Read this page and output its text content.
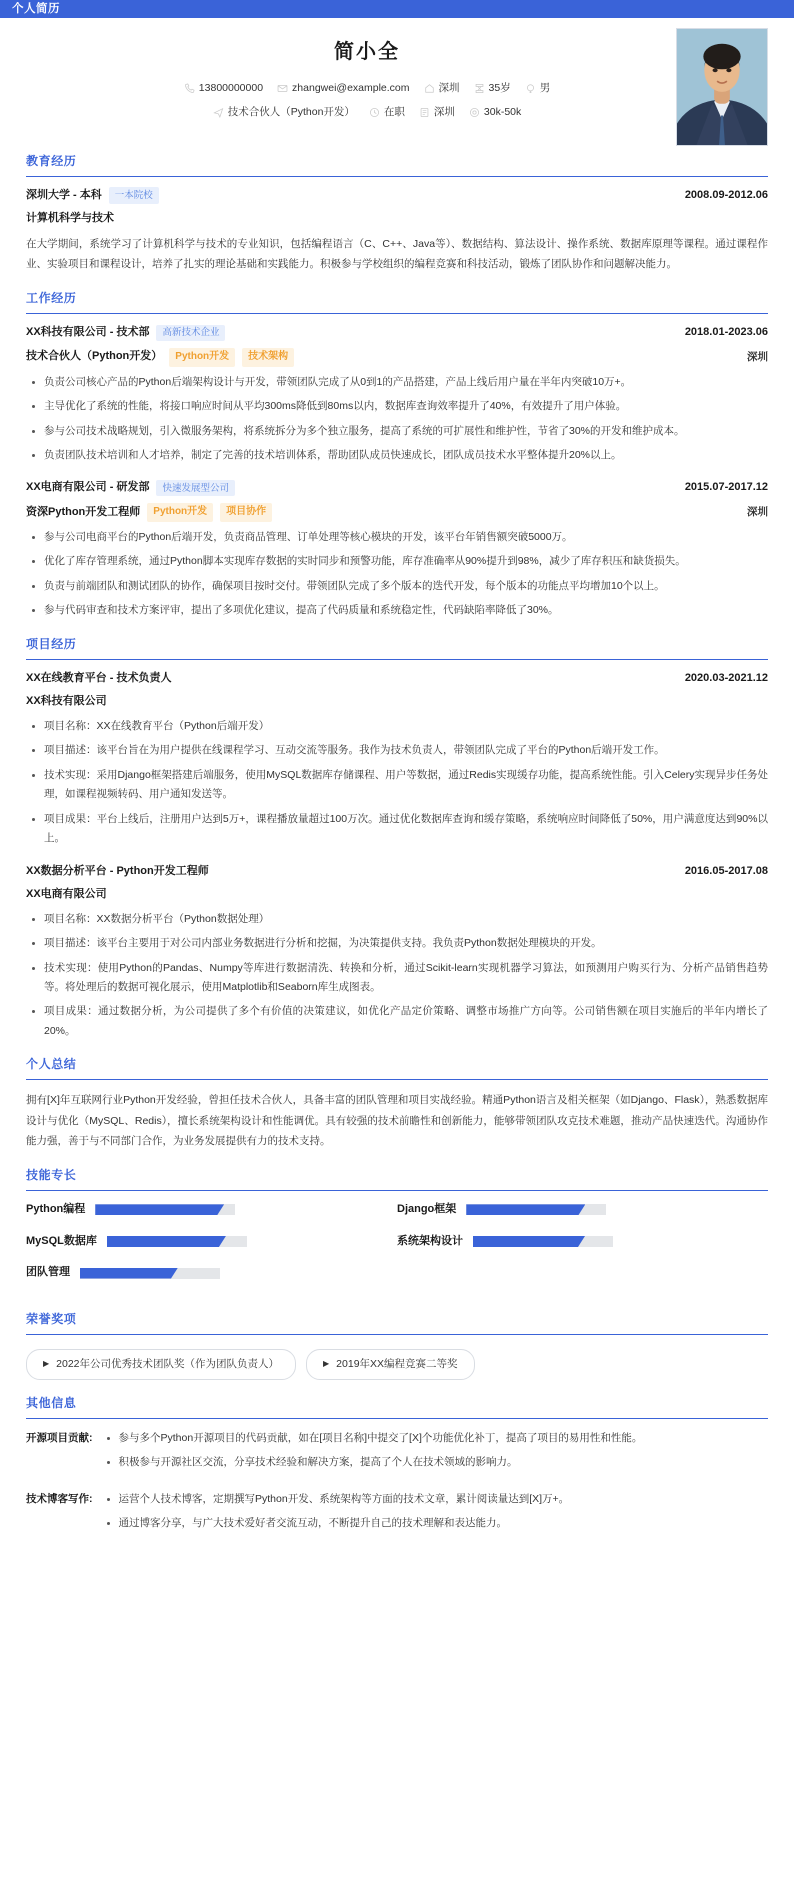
个人简历
简小全
13800000000	zhangwei@example.com	深圳	35岁	男
技术合伙人（Python开发）	在职	深圳	30k-50k
教育经历
深圳大学 - 本科	一本院校	2008.09-2012.06
计算机科学与技术
在大学期间，系统学习了计算机科学与技术的专业知识，包括编程语言（C、C++、Java等）、数据结构、算法设计、操作系统、数据库原理等课程。通过课程作业、实验项目和课程设计，培养了扎实的理论基础和实践能力。积极参与学校组织的编程竞赛和科技活动，锻炼了团队协作和问题解决能力。
工作经历
XX科技有限公司 - 技术部	高新技术企业	2018.01-2023.06
技术合伙人（Python开发）	Python开发	技术架构	深圳
负责公司核心产品的Python后端架构设计与开发，带领团队完成了从0到1的产品搭建，产品上线后用户量在半年内突破10万+。
主导优化了系统的性能，将接口响应时间从平均300ms降低到80ms以内，数据库查询效率提升了40%，有效提升了用户体验。
参与公司技术战略规划，引入微服务架构，将系统拆分为多个独立服务，提高了系统的可扩展性和维护性，节省了30%的开发和维护成本。
负责团队技术培训和人才培养，制定了完善的技术培训体系，帮助团队成员快速成长，团队成员技术水平整体提升20%以上。
XX电商有限公司 - 研发部	快速发展型公司	2015.07-2017.12
资深Python开发工程师	Python开发	项目协作	深圳
参与公司电商平台的Python后端开发，负责商品管理、订单处理等核心模块的开发，该平台年销售额突破5000万。
优化了库存管理系统，通过Python脚本实现库存数据的实时同步和预警功能，库存准确率从90%提升到98%，减少了库存积压和缺货损失。
负责与前端团队和测试团队的协作，确保项目按时交付。带领团队完成了多个版本的迭代开发，每个版本的功能点平均增加10个以上。
参与代码审查和技术方案评审，提出了多项优化建议，提高了代码质量和系统稳定性，代码缺陷率降低了30%。
项目经历
XX在线教育平台 - 技术负责人	2020.03-2021.12
XX科技有限公司
项目名称：XX在线教育平台（Python后端开发）
项目描述：该平台旨在为用户提供在线课程学习、互动交流等服务。我作为技术负责人，带领团队完成了平台的Python后端开发工作。
技术实现：采用Django框架搭建后端服务，使用MySQL数据库存储课程、用户等数据，通过Redis实现缓存功能，提高系统性能。引入Celery实现异步任务处理，如课程视频转码、用户通知发送等。
项目成果：平台上线后，注册用户达到5万+，课程播放量超过100万次。通过优化数据库查询和缓存策略，系统响应时间降低了50%，用户满意度达到90%以上。
XX数据分析平台 - Python开发工程师	2016.05-2017.08
XX电商有限公司
项目名称：XX数据分析平台（Python数据处理）
项目描述：该平台主要用于对公司内部业务数据进行分析和挖掘，为决策提供支持。我负责Python数据处理模块的开发。
技术实现：使用Python的Pandas、Numpy等库进行数据清洗、转换和分析，通过Scikit-learn实现机器学习算法，如预测用户购买行为、分析产品销售趋势等。将处理后的数据可视化展示，使用Matplotlib和Seaborn库生成图表。
项目成果：通过数据分析，为公司提供了多个有价值的决策建议，如优化产品定价策略、调整市场推广方向等。公司销售额在项目实施后的半年内增长了20%。
个人总结
拥有[X]年互联网行业Python开发经验，曾担任技术合伙人，具备丰富的团队管理和项目实战经验。精通Python语言及相关框架（如Django、Flask），熟悉数据库设计与优化（MySQL、Redis），擅长系统架构设计和性能调优。具有较强的技术前瞻性和创新能力，能够带领团队攻克技术难题，推动产品快速迭代。沟通协作能力强，善于与不同部门合作，为业务发展提供有力的技术支持。
技能专长
Python编程	Django框架
MySQL数据库	系统架构设计
团队管理
荣誉奖项
▶ 2022年公司优秀技术团队奖（作为团队负责人）	▶ 2019年XX编程竞赛二等奖
其他信息
开源项目贡献:	参与多个Python开源项目的代码贡献，如在[项目名称]中提交了[X]个功能优化补丁，提高了项目的易用性和性能。
积极参与开源社区交流，分享技术经验和解决方案，提高了个人在技术领域的影响力。
技术博客写作:	运营个人技术博客，定期撰写Python开发、系统架构等方面的技术文章，累计阅读量达到[X]万+。
通过博客分享，与广大技术爱好者交流互动，不断提升自己的技术理解和表达能力。
